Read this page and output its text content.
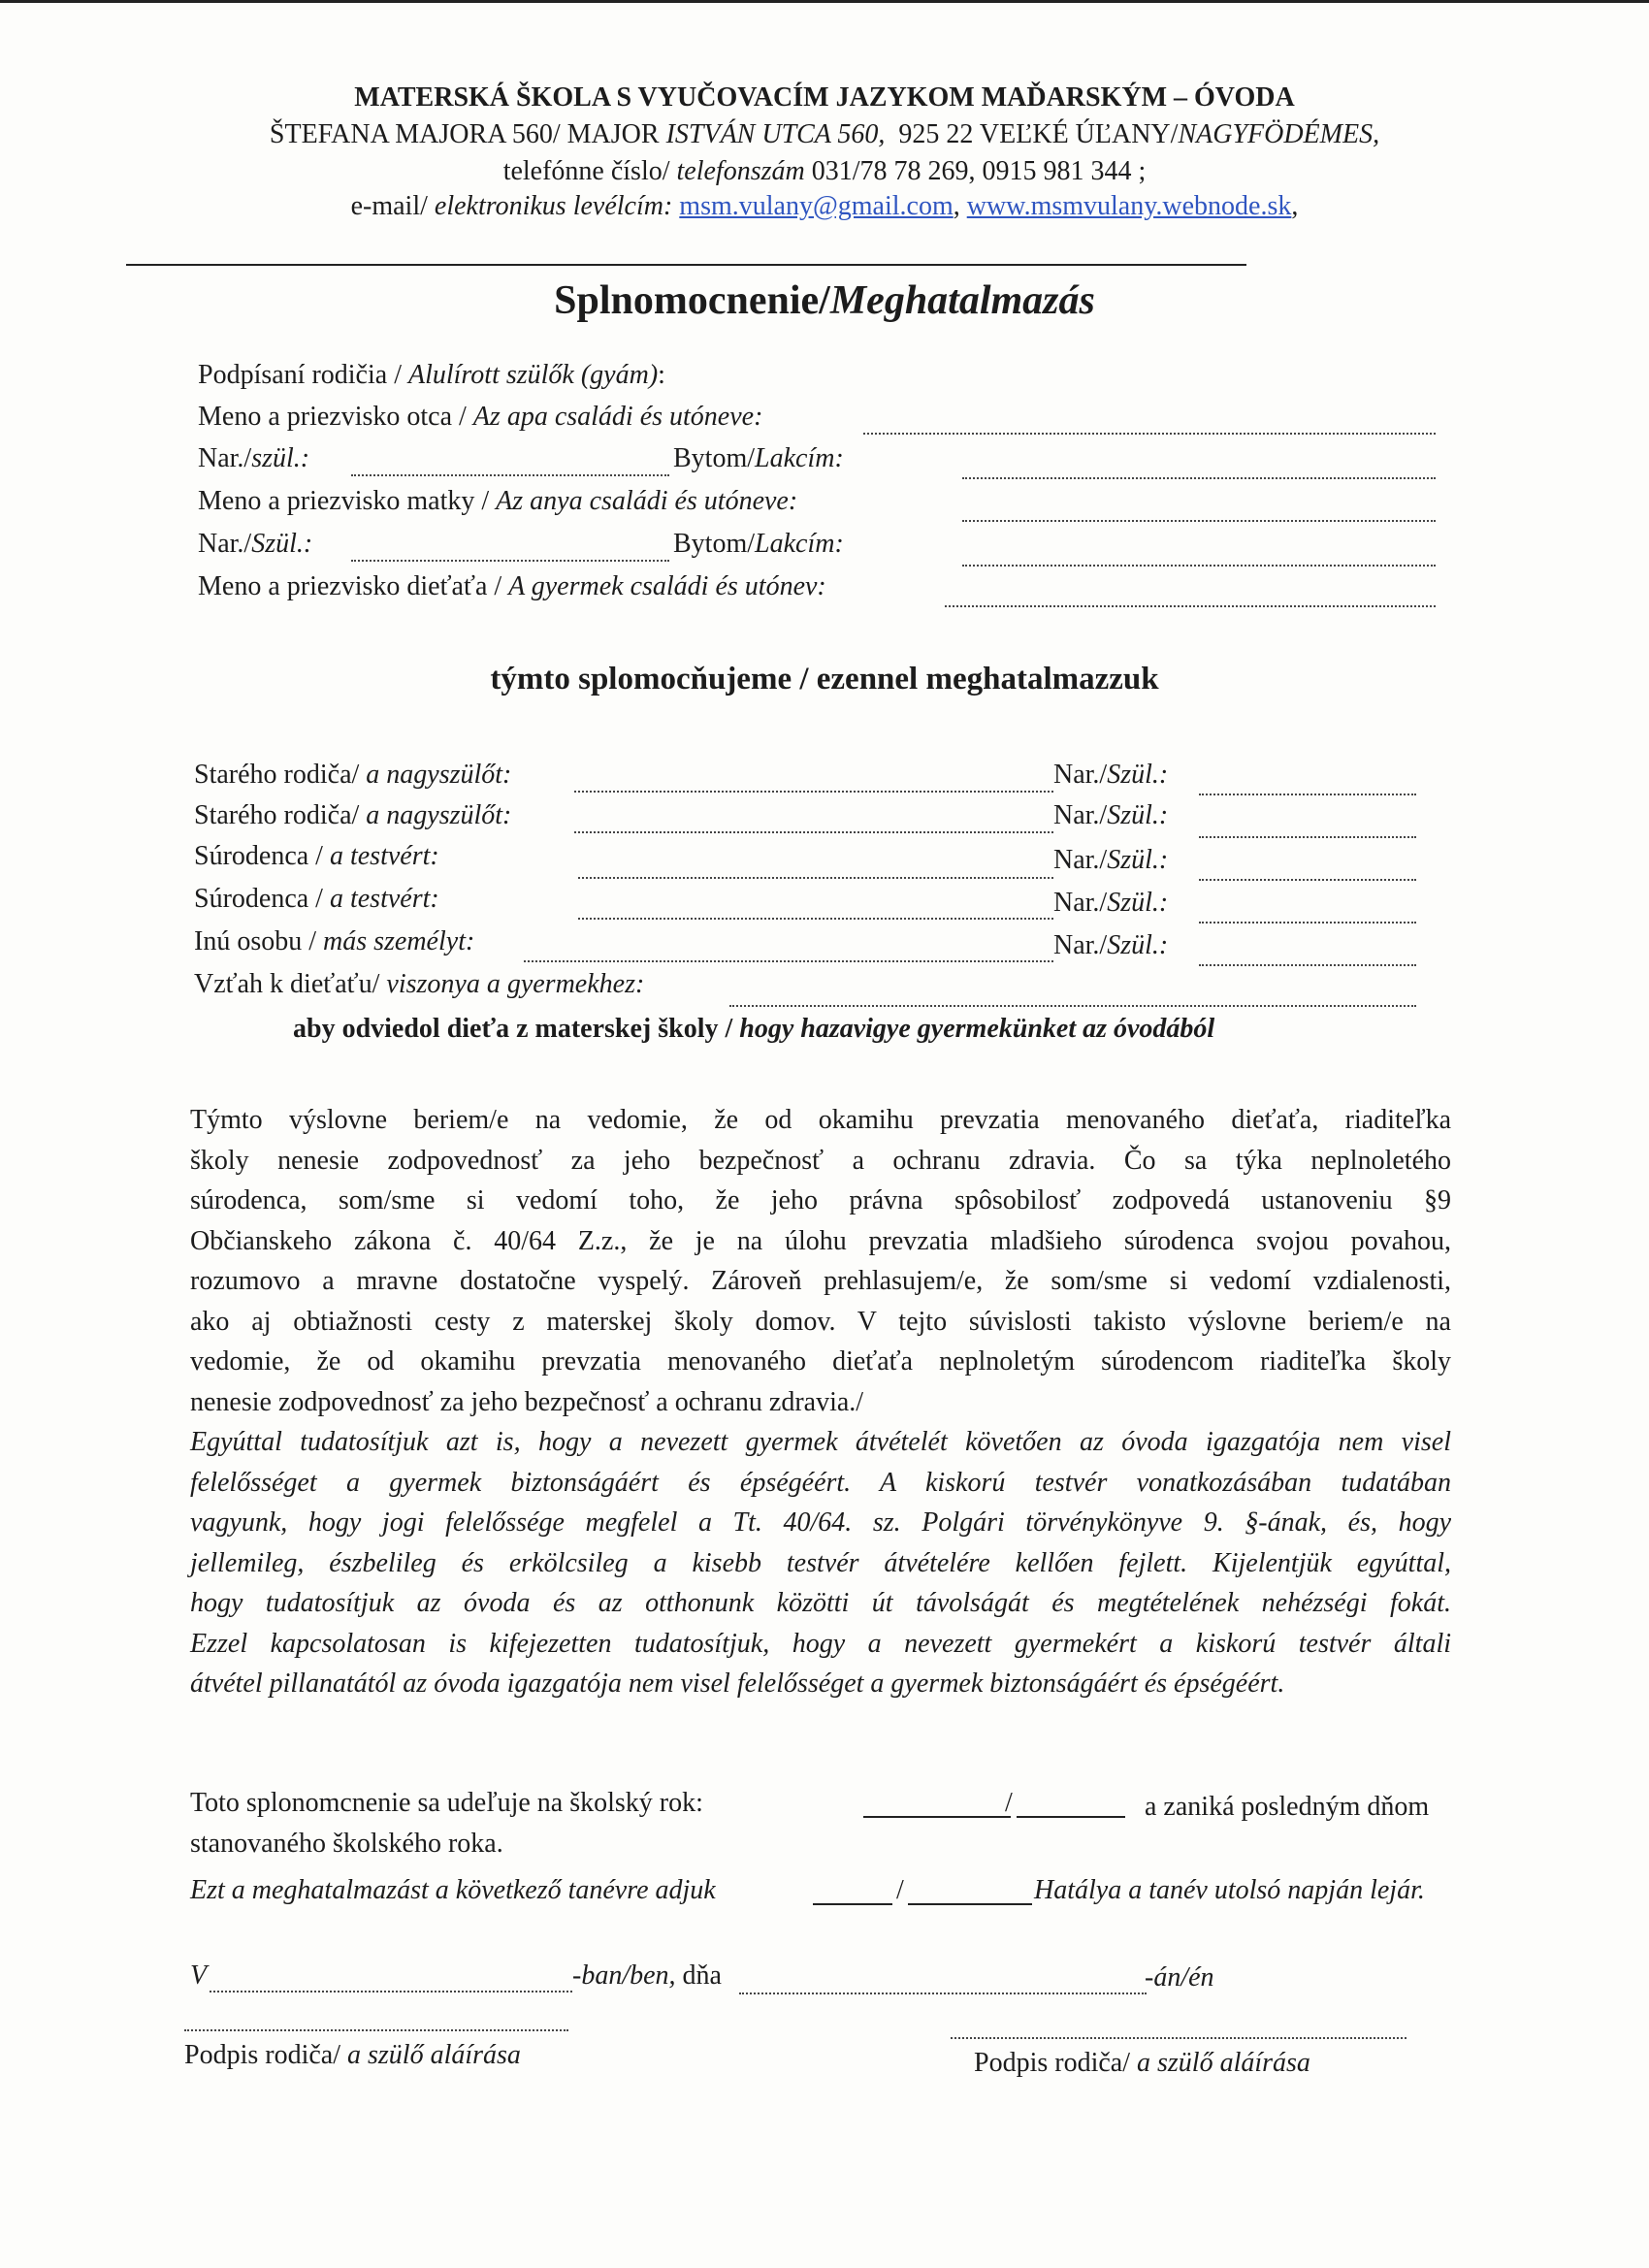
MATERSKÁ ŠKOLA S VYUČOVACÍM JAZYKOM MAĎARSKÝM – ÓVODA
ŠTEFANA MAJORA 560/ MAJOR ISTVÁN UTCA 560,  925 22 VEĽKÉ ÚĽANY/NAGYFÖDÉMES,
telefónne číslo/ telefonszám 031/78 78 269, 0915 981 344 ;
e-mail/ elektronikus levélcím: msm.vulany@gmail.com, www.msmvulany.webnode.sk,
Splnomocnenie/Meghatalmazás
Podpísaní rodičia / Alulírott szülők (gyám):
Meno a priezvisko otca / Az apa családi és utóneve:
Nar./szül.:	Bytom/Lakcím:
Meno a priezvisko matky / Az anya családi és utóneve:
Nar./Szül.:	Bytom/Lakcím:
Meno a priezvisko dieťaťa / A gyermek családi és utónev:
týmto splomocňujeme / ezennel meghatalmazzuk
Starého rodiča/ a nagyszülőt:	Nar./Szül.:
Starého rodiča/ a nagyszülőt:	Nar./Szül.:
Súrodenca / a testvért:	Nar./Szül.:
Súrodenca / a testvért:	Nar./Szül.:
Inú osobu / más személyt:	Nar./Szül.:
Vzťah k dieťaťu/ viszonya a gyermekhez:
aby odviedol dieťa z materskej školy / hogy hazavigye gyermekünket az óvodából
Týmto výslovne beriem/e na vedomie, že od okamihu prevzatia menovaného dieťaťa, riaditeľka
školy nenesie zodpovednosť za jeho bezpečnosť a ochranu zdravia. Čo sa týka neplnoletého
súrodenca, som/sme si vedomí toho, že jeho právna spôsobilosť zodpovedá ustanoveniu §9
Občianskeho zákona č. 40/64 Z.z., že je na úlohu prevzatia mladšieho súrodenca svojou povahou,
rozumovo a mravne dostatočne vyspelý. Zároveň prehlasujem/e, že som/sme si vedomí vzdialenosti,
ako aj obtiažnosti cesty z materskej školy domov. V tejto súvislosti takisto výslovne beriem/e na
vedomie, že od okamihu prevzatia menovaného dieťaťa neplnoletým súrodencom riaditeľka školy
nenesie zodpovednosť za jeho bezpečnosť a ochranu zdravia./
Egyúttal tudatosítjuk azt is, hogy a nevezett gyermek átvételét követően az óvoda igazgatója nem visel
felelősséget a gyermek biztonságáért és épségéért. A kiskorú testvér vonatkozásában tudatában
vagyunk, hogy jogi felelőssége megfelel a Tt. 40/64. sz. Polgári törvénykönyve 9. §-ának, és, hogy
jellemileg, észbelileg és erkölcsileg a kisebb testvér átvételére kellően fejlett. Kijelentjük egyúttal,
hogy tudatosítjuk az óvoda és az otthonunk közötti út távolságát és megtételének nehézségi fokát.
Ezzel kapcsolatosan is kifejezetten tudatosítjuk, hogy a nevezett gyermekért a kiskorú testvér általi
átvétel pillanatától az óvoda igazgatója nem visel felelősséget a gyermek biztonságáért és épségéért.
Toto splonomcnenie sa udeľuje na školský rok:	/	a zaniká posledným dňom
stanovaného školského roka.
Ezt a meghatalmazást a következő tanévre adjuk	/	Hatálya a tanév utolsó napján lejár.
V	-ban/ben, dňa	-án/én
Podpis rodiča/ a szülő aláírása	Podpis rodiča/ a szülő aláírása
